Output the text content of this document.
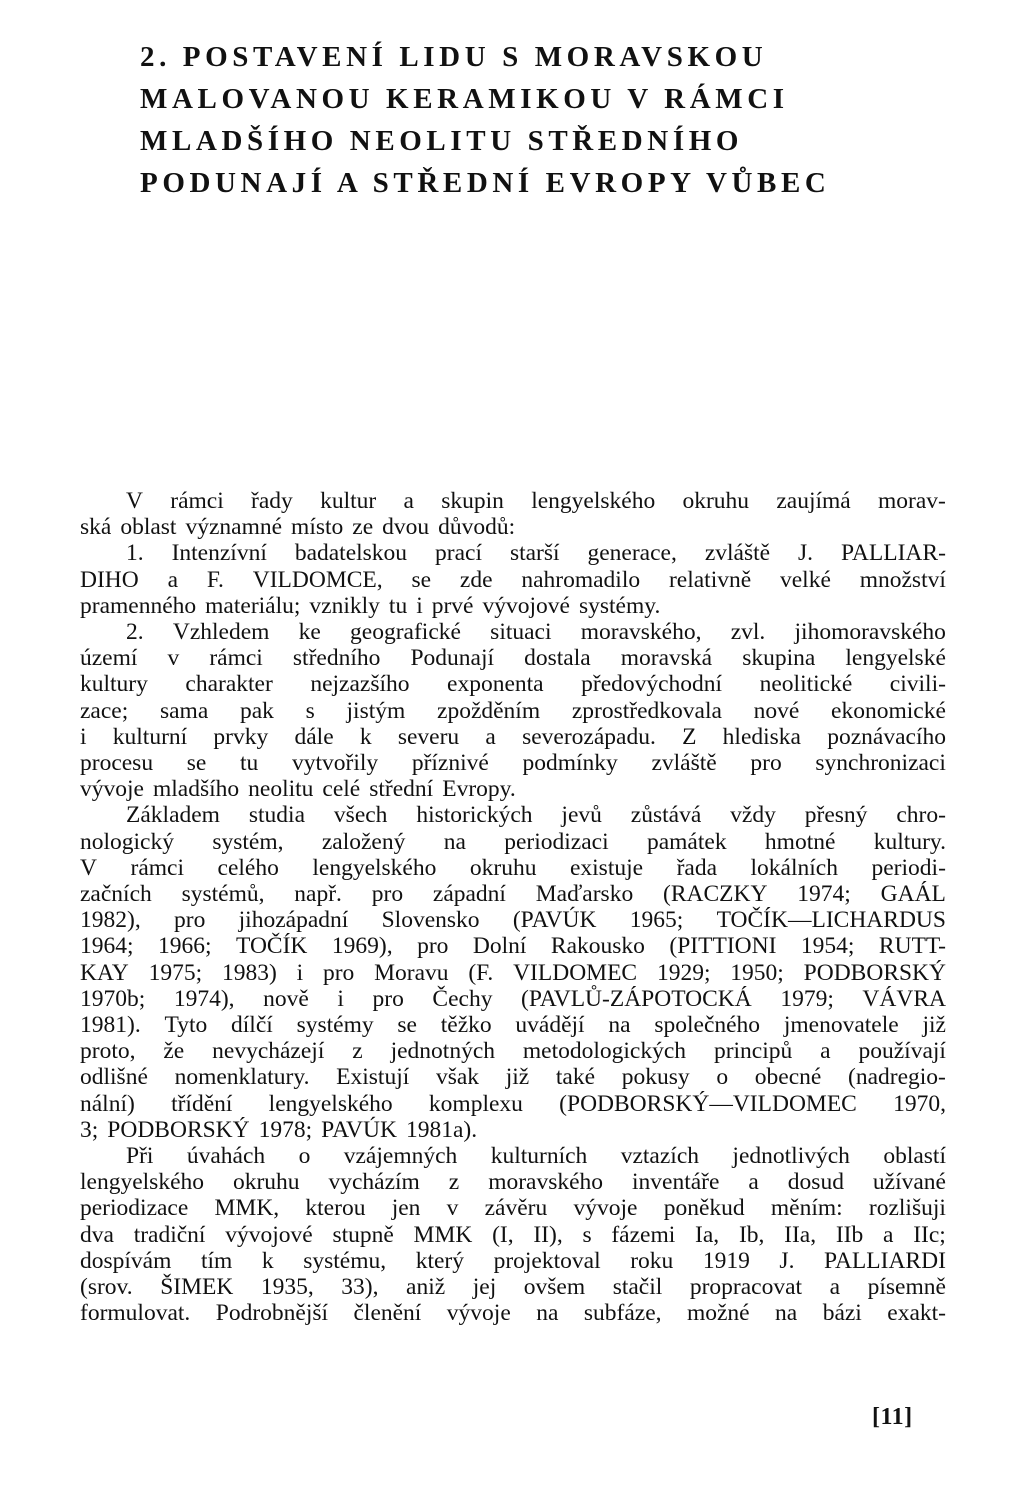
2. POSTAVENÍ LIDU S MORAVSKOU
MALOVANOU KERAMIKOU V RÁMCI
MLADŠÍHO NEOLITU STŘEDNÍHO
PODUNAJÍ A STŘEDNÍ EVROPY VŮBEC
V rámci řady kultur a skupin lengyelského okruhu zaujímá morav-
ská oblast významné místo ze dvou důvodů:
1. Intenzívní badatelskou prací starší generace, zvláště J. PALLIAR-
DIHO a F. VILDOMCE, se zde nahromadilo relativně velké množství
pramenného materiálu; vznikly tu i prvé vývojové systémy.
2. Vzhledem ke geografické situaci moravského, zvl. jihomoravského
území v rámci středního Podunají dostala moravská skupina lengyelské
kultury charakter nejzazšího exponenta předovýchodní neolitické civili-
zace; sama pak s jistým zpožděním zprostředkovala nové ekonomické
i kulturní prvky dále k severu a severozápadu. Z hlediska poznávacího
procesu se tu vytvořily příznivé podmínky zvláště pro synchronizaci
vývoje mladšího neolitu celé střední Evropy.
Základem studia všech historických jevů zůstává vždy přesný chro-
nologický systém, založený na periodizaci památek hmotné kultury.
V rámci celého lengyelského okruhu existuje řada lokálních periodi-
začních systémů, např. pro západní Maďarsko (RACZKY 1974; GAÁL
1982), pro jihozápadní Slovensko (PAVÚK 1965; TOČÍK—LICHARDUS
1964; 1966; TOČÍK 1969), pro Dolní Rakousko (PITTIONI 1954; RUTT-
KAY 1975; 1983) i pro Moravu (F. VILDOMEC 1929; 1950; PODBORSKÝ
1970b; 1974), nově i pro Čechy (PAVLŮ-ZÁPOTOCKÁ 1979; VÁVRA
1981). Tyto dílčí systémy se těžko uvádějí na společného jmenovatele již
proto, že nevycházejí z jednotných metodologických principů a používají
odlišné nomenklatury. Existují však již také pokusy o obecné (nadregio-
nální) třídění lengyelského komplexu (PODBORSKÝ—VILDOMEC 1970,
3; PODBORSKÝ 1978; PAVÚK 1981a).
Při úvahách o vzájemných kulturních vztazích jednotlivých oblastí
lengyelského okruhu vycházím z moravského inventáře a dosud užívané
periodizace MMK, kterou jen v závěru vývoje poněkud měním: rozlišuji
dva tradiční vývojové stupně MMK (I, II), s fázemi Ia, Ib, IIa, IIb a IIc;
dospívám tím k systému, který projektoval roku 1919 J. PALLIARDI
(srov. ŠIMEK 1935, 33), aniž jej ovšem stačil propracovat a písemně
formulovat. Podrobnější členění vývoje na subfáze, možné na bázi exakt-
[11]
